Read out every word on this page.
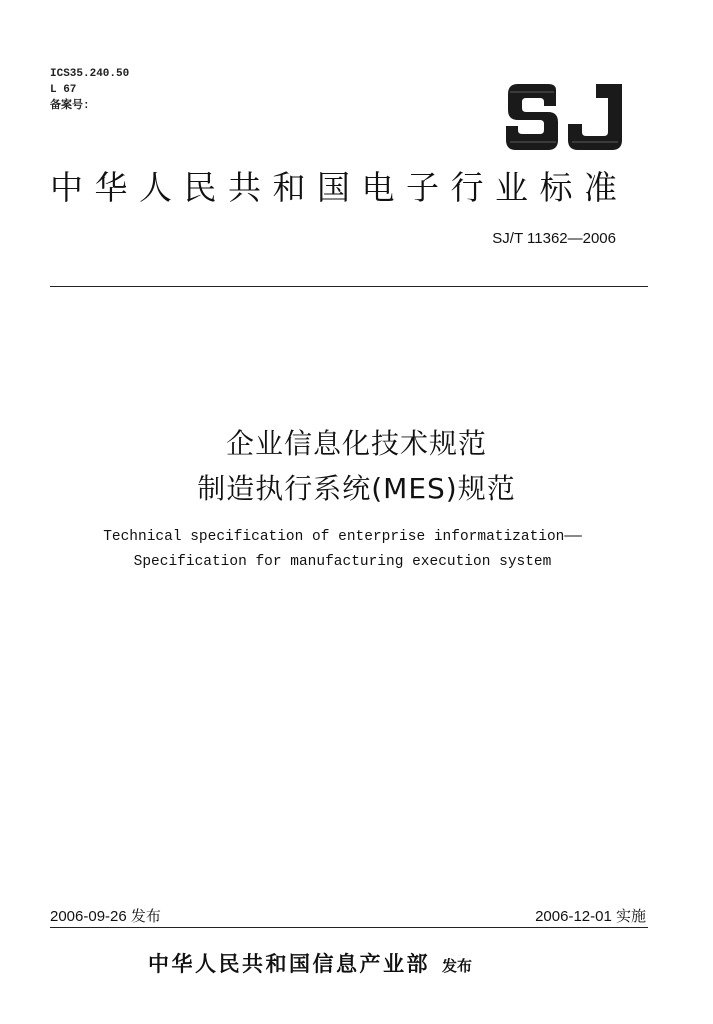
ICS35.240.50
L 67
备案号:
中华人民共和国电子行业标准
SJ/T 11362—2006
企业信息化技术规范
制造执行系统(MES)规范
Technical specification of enterprise informatization——
Specification for manufacturing execution system
2006-09-26 发布	2006-12-01 实施
中华人民共和国信息产业部 发布
